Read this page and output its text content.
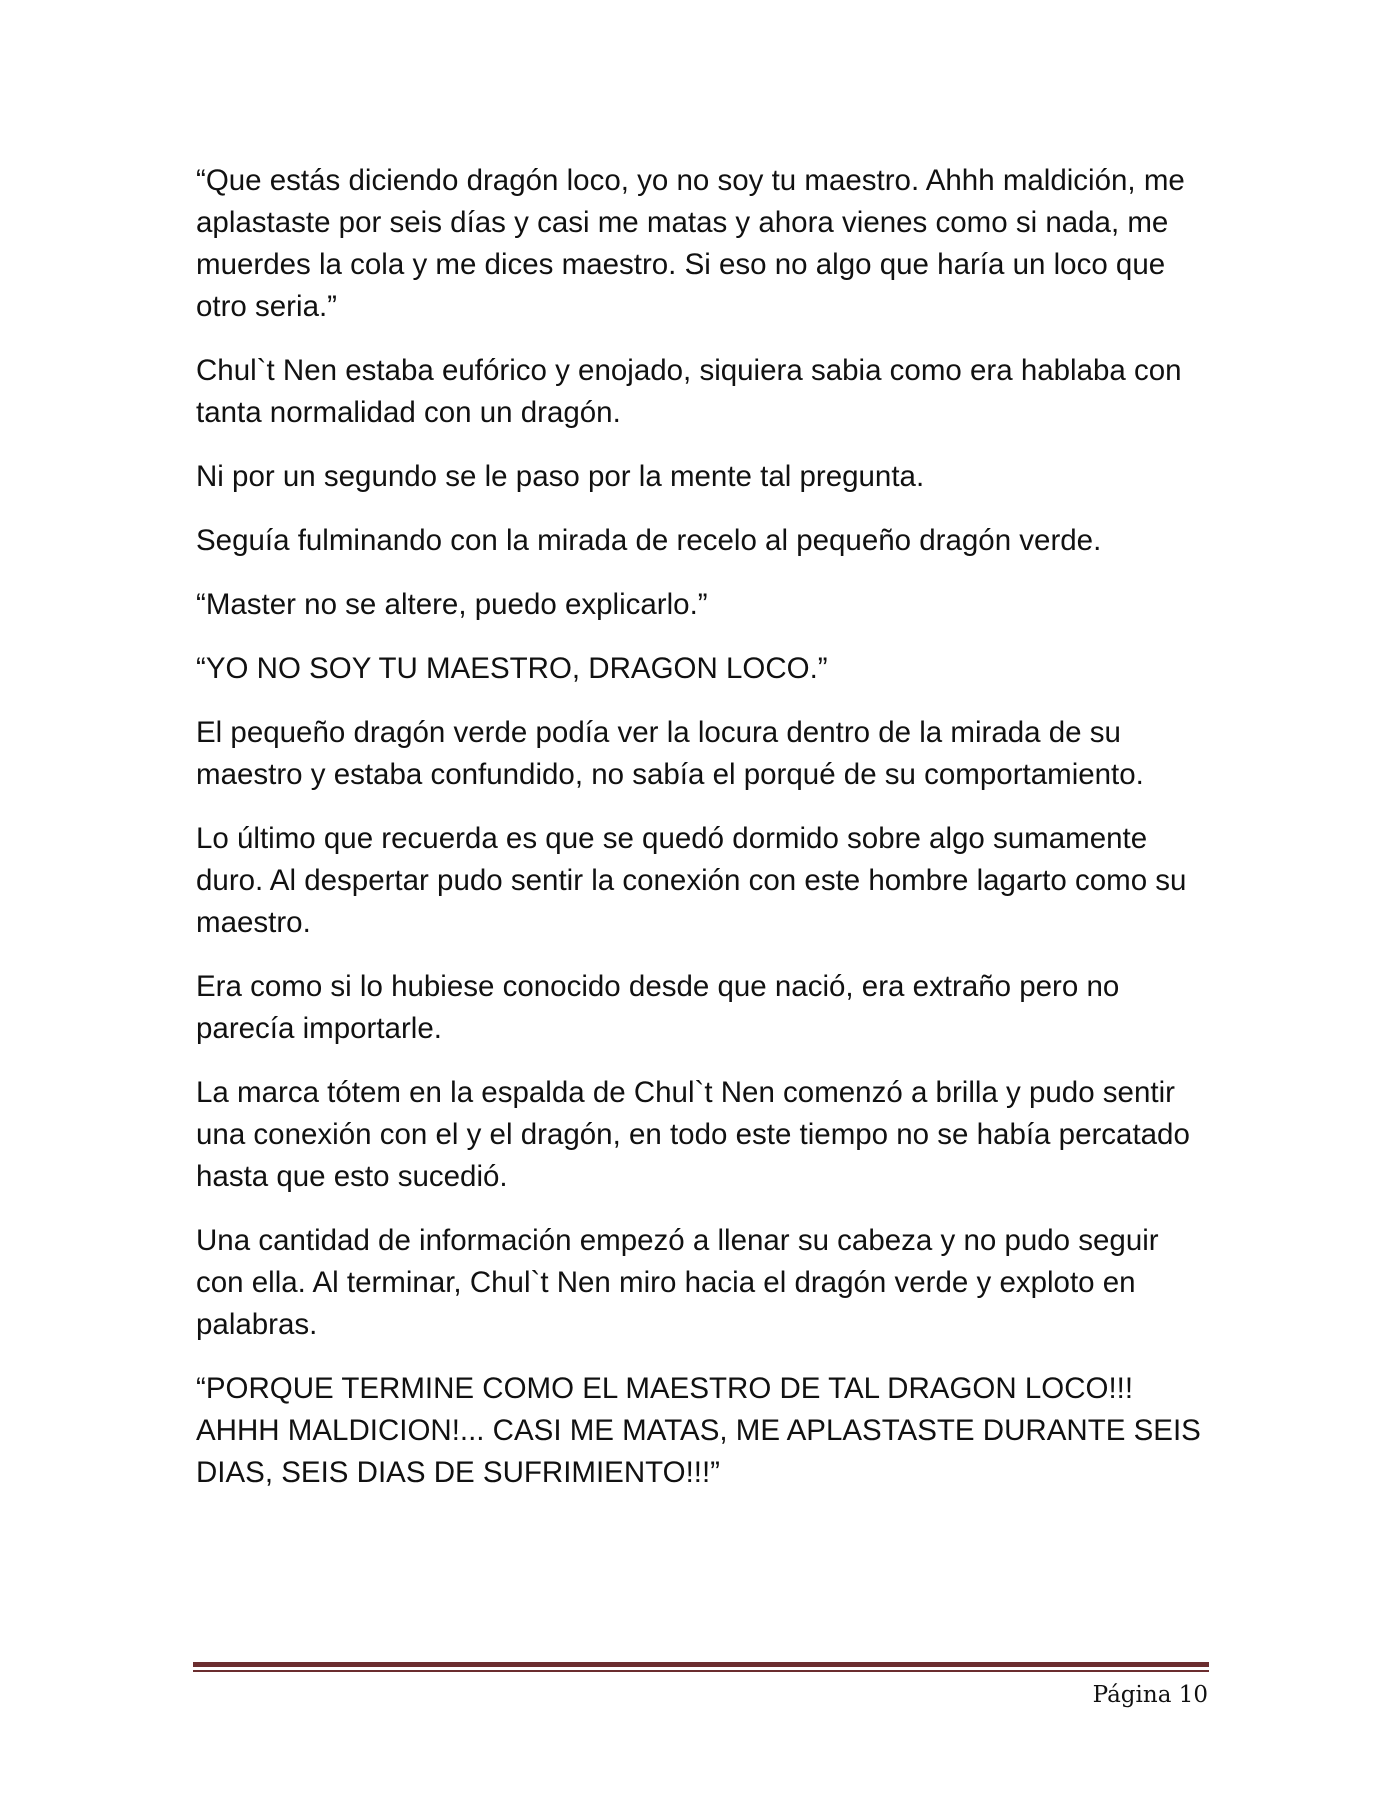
“Que estás diciendo dragón loco, yo no soy tu maestro. Ahhh maldición, me aplastaste por seis días y casi me matas y ahora vienes como si nada, me muerdes la cola y me dices maestro. Si eso no algo que haría un loco que otro seria.”

Chul`t Nen estaba eufórico y enojado, siquiera sabia como era hablaba con tanta normalidad con un dragón.

Ni por un segundo se le paso por la mente tal pregunta.

Seguía fulminando con la mirada de recelo al pequeño dragón verde.

“Master no se altere, puedo explicarlo.”

“YO NO SOY TU MAESTRO, DRAGON LOCO.”

El pequeño dragón verde podía ver la locura dentro de la mirada de su maestro y estaba confundido, no sabía el porqué de su comportamiento.

Lo último que recuerda es que se quedó dormido sobre algo sumamente duro. Al despertar pudo sentir la conexión con este hombre lagarto como su maestro.

Era como si lo hubiese conocido desde que nació, era extraño pero no parecía importarle.

La marca tótem en la espalda de Chul`t Nen comenzó a brilla y pudo sentir una conexión con el y el dragón, en todo este tiempo no se había percatado hasta que esto sucedió.

Una cantidad de información empezó a llenar su cabeza y no pudo seguir con ella. Al terminar, Chul`t Nen miro hacia el dragón verde y exploto en palabras.

“PORQUE TERMINE COMO EL MAESTRO DE TAL DRAGON LOCO!!! AHHH MALDICION!... CASI ME MATAS, ME APLASTASTE DURANTE SEIS DIAS, SEIS DIAS DE SUFRIMIENTO!!!”

Página 10
